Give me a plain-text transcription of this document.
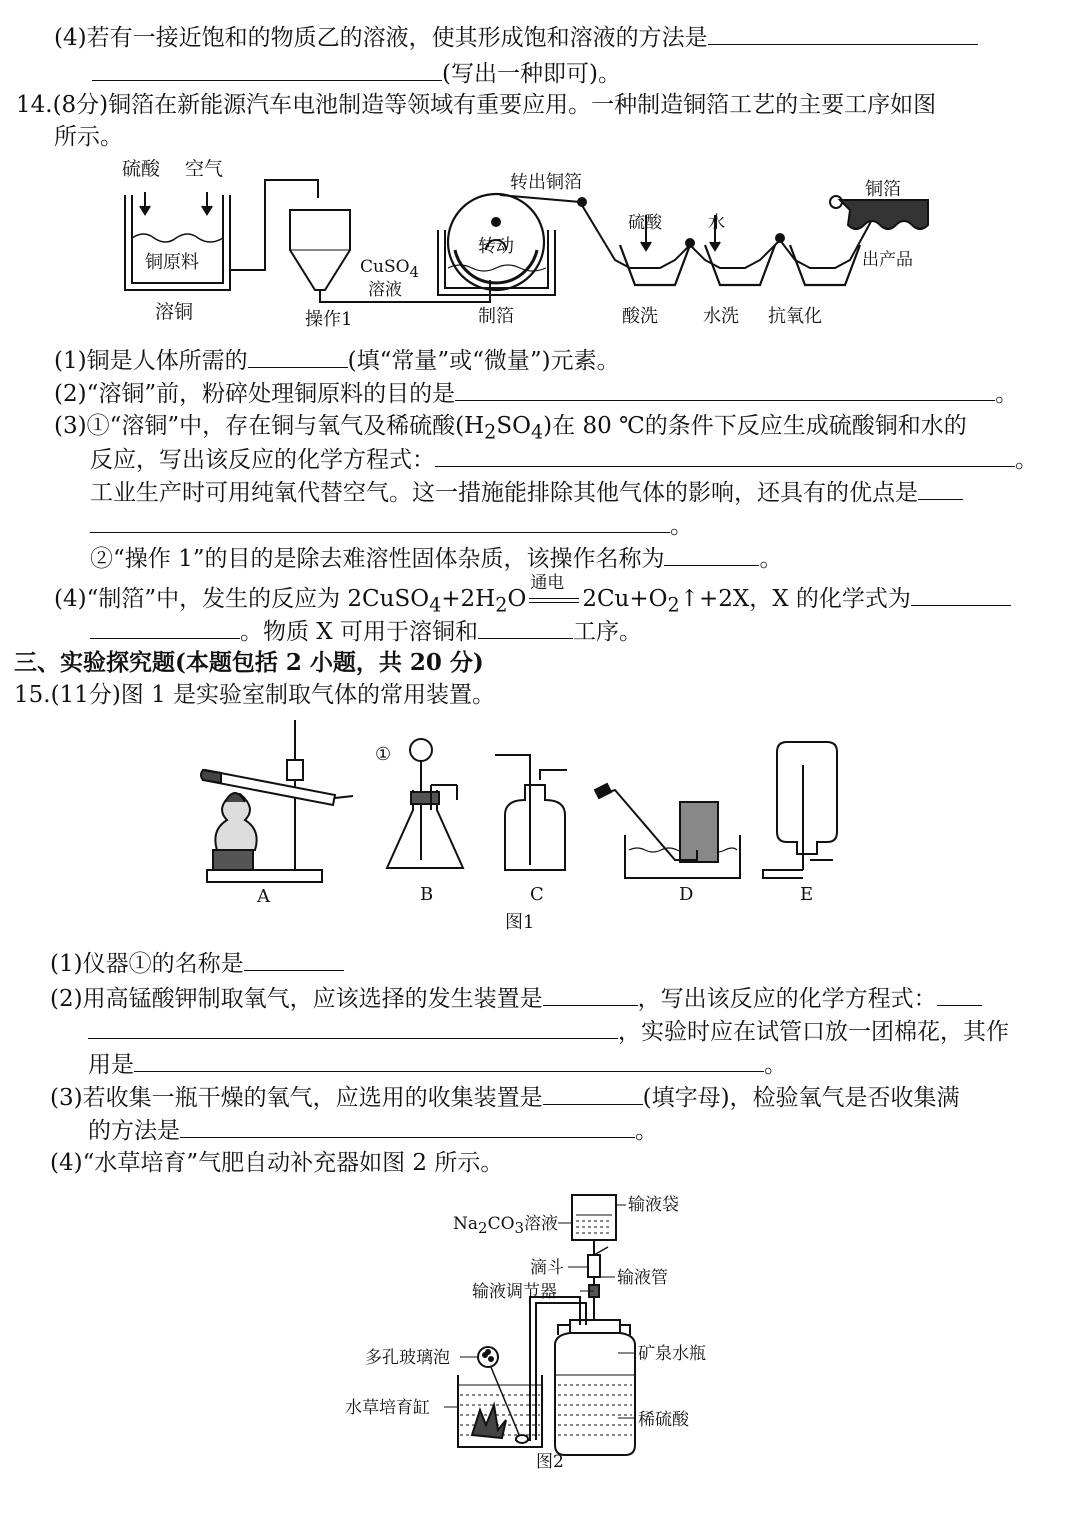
(4)若有一接近饱和的物质乙的溶液，使其形成饱和溶液的方法是
(写出一种即可)。
14.(8分)铜箔在新能源汽车电池制造等领域有重要应用。一种制造铜箔工艺的主要工序如图
所示。
硫酸 空气
铜原料
溶铜	操作1
CuSO4
溶液
转出铜箔
转动
制箔
硫酸	水
酸洗	水洗 抗氧化
铜箔
出产品
(1)铜是人体所需的	(填“常量”或“微量”)元素。
(2)“溶铜”前，粉碎处理铜原料的目的是	。
(3)①“溶铜”中，存在铜与氧气及稀硫酸$(H_2SO_4)$在 80 ℃的条件下反应生成硫酸铜和水的
反应，写出该反应的化学方程式：	。
工业生产时可用纯氧代替空气。这一措施能排除其他气体的影响，还具有的优点是
。
②“操作 1”的目的是除去难溶性固体杂质，该操作名称为	。
(4)“制箔”中，发生的反应为 $2CuSO_4+2H_2O$
通电
$2Cu+O_2↑+2X$，X 的化学式为
。物质 X 可用于溶铜和	工序。
三、实验探究题(本题包括 2 小题，共 20 分)
15.(11分)图 1 是实验室制取气体的常用装置。
①
A	B	C	D	E
图1
(1)仪器①的名称是
(2)用高锰酸钾制取氧气，应该选择的发生装置是	，写出该反应的化学方程式：
，实验时应在试管口放一团棉花，其作
用是	。
(3)若收集一瓶干燥的氧气，应选用的收集装置是	(填字母)，检验氧气是否收集满
的方法是	。
(4)“水草培育”气肥自动补充器如图 2 所示。
Na2CO3溶液
输液袋
滴斗
输液调节器
输液管
多孔玻璃泡	矿泉水瓶
水草培育缸
稀硫酸
图2
